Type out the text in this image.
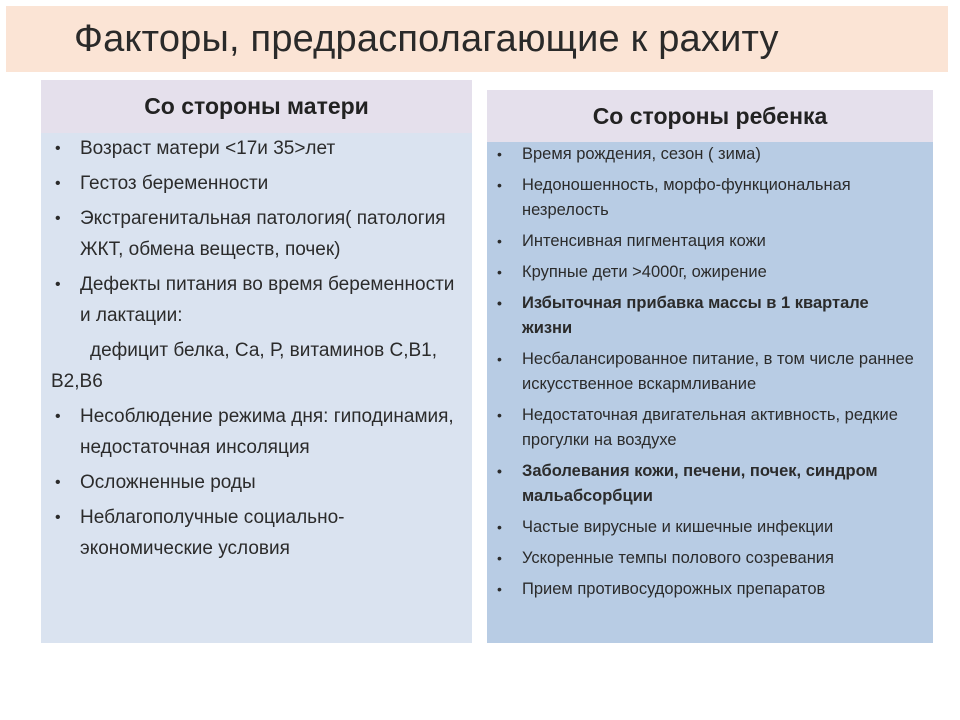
Факторы, предрасполагающие к рахиту
Со стороны матери
• Возраст матери <17и 35>лет
• Гестоз беременности
• Экстрагенитальная патология( патология ЖКТ, обмена веществ, почек)
• Дефекты питания во время беременности и лактации:
дефицит белка, Са, Р, витаминов С,В1, В2,В6
• Несоблюдение режима дня: гиподинамия, недостаточная инсоляция
• Осложненные роды
• Неблагополучные социально-экономические условия
Со стороны ребенка
• Время рождения, сезон ( зима)
• Недоношенность, морфо-функциональная незрелость
• Интенсивная пигментация кожи
• Крупные дети >4000г, ожирение
• Избыточная прибавка массы в 1 квартале жизни
• Несбалансированное питание, в том числе раннее искусственное вскармливание
• Недостаточная двигательная активность, редкие прогулки на воздухе
• Заболевания кожи, печени, почек, синдром мальабсорбции
• Частые вирусные и кишечные инфекции
• Ускоренные темпы полового созревания
• Прием противосудорожных препаратов
